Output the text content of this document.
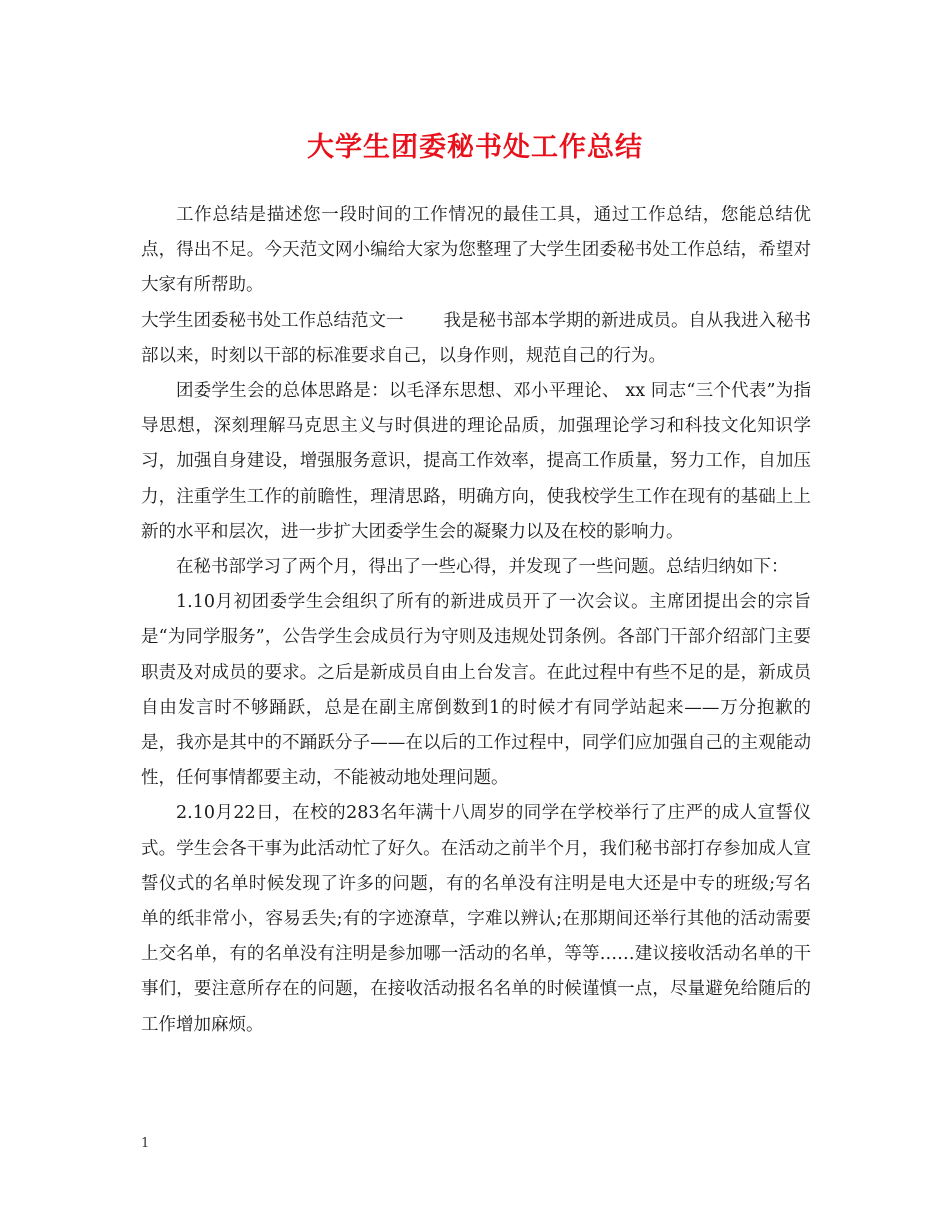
大学生团委秘书处工作总结

工作总结是描述您一段时间的工作情况的最佳工具，通过工作总结，您能总结优点，得出不足。今天范文网小编给大家为您整理了大学生团委秘书处工作总结，希望对大家有所帮助。

大学生团委秘书处工作总结范文一 我是秘书部本学期的新进成员。自从我进入秘书部以来，时刻以干部的标准要求自己，以身作则，规范自己的行为。

团委学生会的总体思路是：以毛泽东思想、邓小平理论、 xx 同志“三个代表”为指导思想，深刻理解马克思主义与时俱进的理论品质，加强理论学习和科技文化知识学习，加强自身建设，增强服务意识，提高工作效率，提高工作质量，努力工作，自加压力，注重学生工作的前瞻性，理清思路，明确方向，使我校学生工作在现有的基础上上新的水平和层次，进一步扩大团委学生会的凝聚力以及在校的影响力。

在秘书部学习了两个月，得出了一些心得，并发现了一些问题。总结归纳如下：

1.10月初团委学生会组织了所有的新进成员开了一次会议。主席团提出会的宗旨是“为同学服务”，公告学生会成员行为守则及违规处罚条例。各部门干部介绍部门主要职责及对成员的要求。之后是新成员自由上台发言。在此过程中有些不足的是，新成员自由发言时不够踊跃，总是在副主席倒数到1的时候才有同学站起来——万分抱歉的是，我亦是其中的不踊跃分子——在以后的工作过程中，同学们应加强自己的主观能动性，任何事情都要主动，不能被动地处理问题。

2.10月22日，在校的283名年满十八周岁的同学在学校举行了庄严的成人宣誓仪式。学生会各干事为此活动忙了好久。在活动之前半个月，我们秘书部打存参加成人宣誓仪式的名单时候发现了许多的问题，有的名单没有注明是电大还是中专的班级;写名单的纸非常小，容易丢失;有的字迹潦草，字难以辨认;在那期间还举行其他的活动需要上交名单，有的名单没有注明是参加哪一活动的名单，等等……建议接收活动名单的干事们，要注意所存在的问题，在接收活动报名名单的时候谨慎一点，尽量避免给随后的工作增加麻烦。

1
